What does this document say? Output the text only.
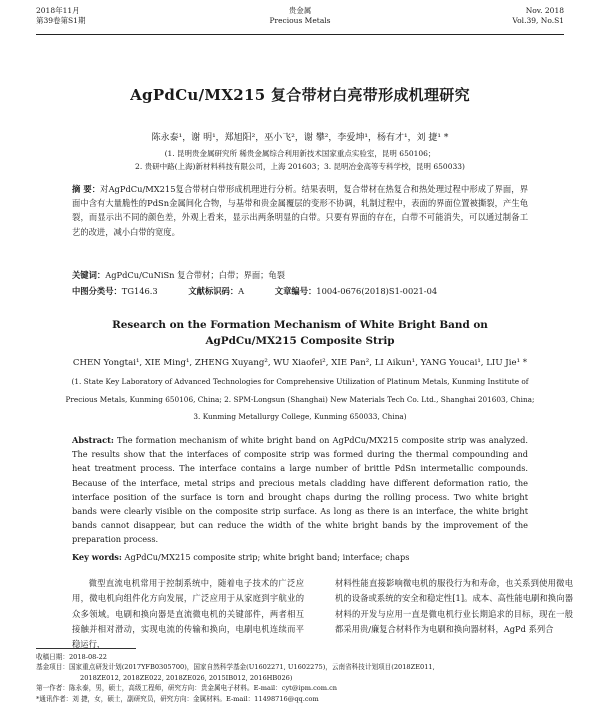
2018年11月
第39卷第S1期
贵金属
Precious Metals
Nov. 2018
Vol.39, No.S1
AgPdCu/MX215 复合带材白亮带形成机理研究
陈永泰¹，谢 明¹，郑旭阳²，巫小飞²，谢 攀²，李爱坤¹，杨有才¹，刘 捷¹ *
(1. 昆明贵金属研究所 稀贵金属综合利用新技术国家重点实验室，昆明 650106；
2. 贵研中路(上海)新材料科技有限公司，上海 201603；3. 昆明冶金高等专科学校，昆明 650033)
摘 要：对AgPdCu/MX215复合带材白带形成机理进行分析。结果表明，复合带材在热复合和热处理过程中形成了界面，界面中含有大量脆性的PdSn金属间化合物，与基带和贵金属覆层的变形不协调，轧制过程中，表面的界面位置被撕裂，产生龟裂，而显示出不同的颜色差，外观上看来，显示出两条明显的白带。只要有界面的存在，白带不可能消失，可以通过制备工艺的改进，减小白带的宽度。
关键词：AgPdCu/CuNiSn 复合带材；白带；界面；龟裂
中图分类号：TG146.3	文献标识码：A	文章编号：1004-0676(2018)S1-0021-04
Research on the Formation Mechanism of White Bright Band on
AgPdCu/MX215 Composite Strip
CHEN Yongtai¹, XIE Ming¹, ZHENG Xuyang², WU Xiaofei², XIE Pan², LI Aikun¹, YANG Youcai¹, LIU Jie¹ *
(1. State Key Laboratory of Advanced Technologies for Comprehensive Utilization of Platinum Metals, Kunming Institute of
Precious Metals, Kunming 650106, China; 2. SPM-Longsun (Shanghai) New Materials Tech Co. Ltd., Shanghai 201603, China;
3. Kunming Metallurgy College, Kunming 650033, China)
Abstract: The formation mechanism of white bright band on AgPdCu/MX215 composite strip was analyzed. The results show that the interfaces of composite strip was formed during the thermal compounding and heat treatment process. The interface contains a large number of brittle PdSn intermetallic compounds. Because of the interface, metal strips and precious metals cladding have different deformation ratio, the interface position of the surface is torn and brought chaps during the rolling process. Two white bright bands were clearly visible on the composite strip surface. As long as there is an interface, the white bright bands cannot disappear, but can reduce the width of the white bright bands by the improvement of the preparation process.
Key words: AgPdCu/MX215 composite strip; white bright band; interface; chaps

微型直流电机常用于控制系统中，随着电子技术的广泛应用，微电机向组件化方向发展，广泛应用于从家庭到宇航业的众多领域。电刷和换向器是直流微电机的关键部件，两者相互接触并相对滑动，实现电流的传输和换向，电刷电机连续而平稳运行，

材料性能直接影响微电机的服役行为和寿命，也关系到使用微电机的设备或系统的安全和稳定性[1]。成本、高性能电刷和换向器材料的开发与应用一直是微电机行业长期追求的目标，现在一般都采用贵/廉复合材料作为电刷和换向器材料，AgPd 系列合

收稿日期：2018-08-22
基金项目：国家重点研发计划(2017YFB0305700)，国家自然科学基金(U1602271, U1602275)，云南省科技计划项目(2018ZE011,
2018ZE012, 2018ZE022, 2018ZE026, 2015IB012, 2016HB026)
第一作者：陈永泰，男，硕士，高级工程师，研究方向：贵金属电子材料。E-mail：cyt@ipm.com.cn
*通讯作者：刘 捷，女，硕士，副研究员，研究方向：金属材料。E-mail：11498716@qq.com
